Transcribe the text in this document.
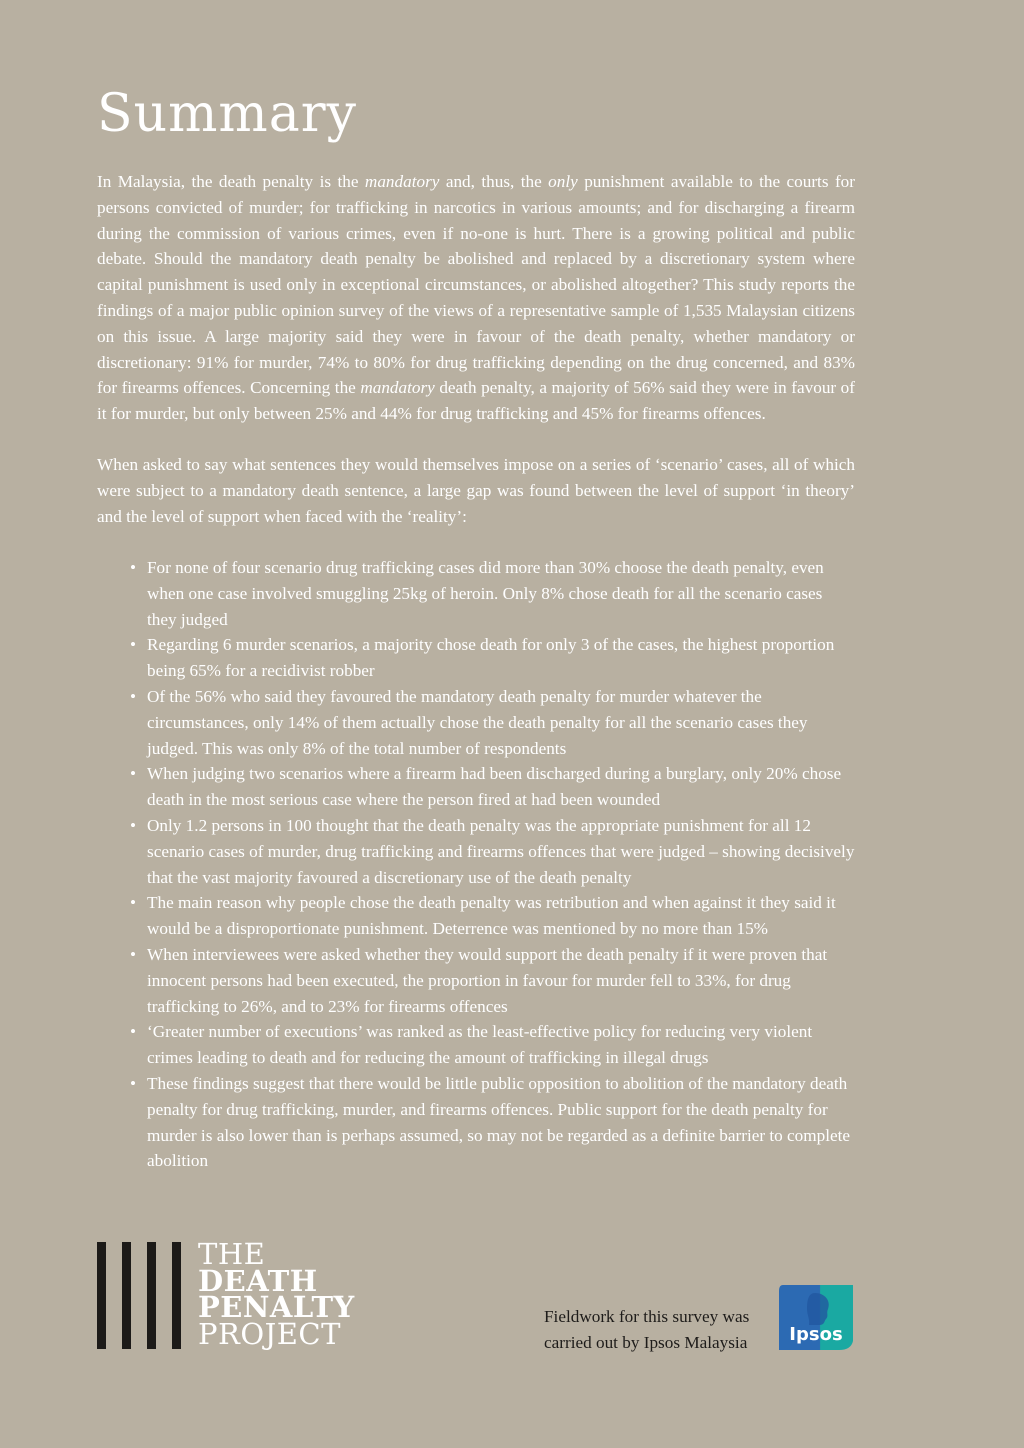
Summary

In Malaysia, the death penalty is the mandatory and, thus, the only punishment available to the courts for persons convicted of murder; for trafficking in narcotics in various amounts; and for discharging a firearm during the commission of various crimes, even if no-one is hurt. There is a growing political and public debate. Should the mandatory death penalty be abolished and replaced by a discretionary system where capital punishment is used only in exceptional circumstances, or abolished altogether? This study reports the findings of a major public opinion survey of the views of a representative sample of 1,535 Malaysian citizens on this issue. A large majority said they were in favour of the death penalty, whether mandatory or discretionary: 91% for murder, 74% to 80% for drug trafficking depending on the drug concerned, and 83% for firearms offences. Concerning the mandatory death penalty, a majority of 56% said they were in favour of it for murder, but only between 25% and 44% for drug trafficking and 45% for firearms offences.

When asked to say what sentences they would themselves impose on a series of ‘scenario’ cases, all of which were subject to a mandatory death sentence, a large gap was found between the level of support ‘in theory’ and the level of support when faced with the ‘reality’:

• For none of four scenario drug trafficking cases did more than 30% choose the death penalty, even when one case involved smuggling 25kg of heroin. Only 8% chose death for all the scenario cases they judged
• Regarding 6 murder scenarios, a majority chose death for only 3 of the cases, the highest proportion being 65% for a recidivist robber
• Of the 56% who said they favoured the mandatory death penalty for murder whatever the circumstances, only 14% of them actually chose the death penalty for all the scenario cases they judged. This was only 8% of the total number of respondents
• When judging two scenarios where a firearm had been discharged during a burglary, only 20% chose death in the most serious case where the person fired at had been wounded
• Only 1.2 persons in 100 thought that the death penalty was the appropriate punishment for all 12 scenario cases of murder, drug trafficking and firearms offences that were judged – showing decisively that the vast majority favoured a discretionary use of the death penalty
• The main reason why people chose the death penalty was retribution and when against it they said it would be a disproportionate punishment. Deterrence was mentioned by no more than 15%
• When interviewees were asked whether they would support the death penalty if it were proven that innocent persons had been executed, the proportion in favour for murder fell to 33%, for drug trafficking to 26%, and to 23% for firearms offences
• ‘Greater number of executions’ was ranked as the least-effective policy for reducing very violent crimes leading to death and for reducing the amount of trafficking in illegal drugs
• These findings suggest that there would be little public opposition to abolition of the mandatory death penalty for drug trafficking, murder, and firearms offences. Public support for the death penalty for murder is also lower than is perhaps assumed, so may not be regarded as a definite barrier to complete abolition
THE
DEATH
PENALTY
PROJECT	Fieldwork for this survey was
carried out by Ipsos Malaysia	Ipsos
